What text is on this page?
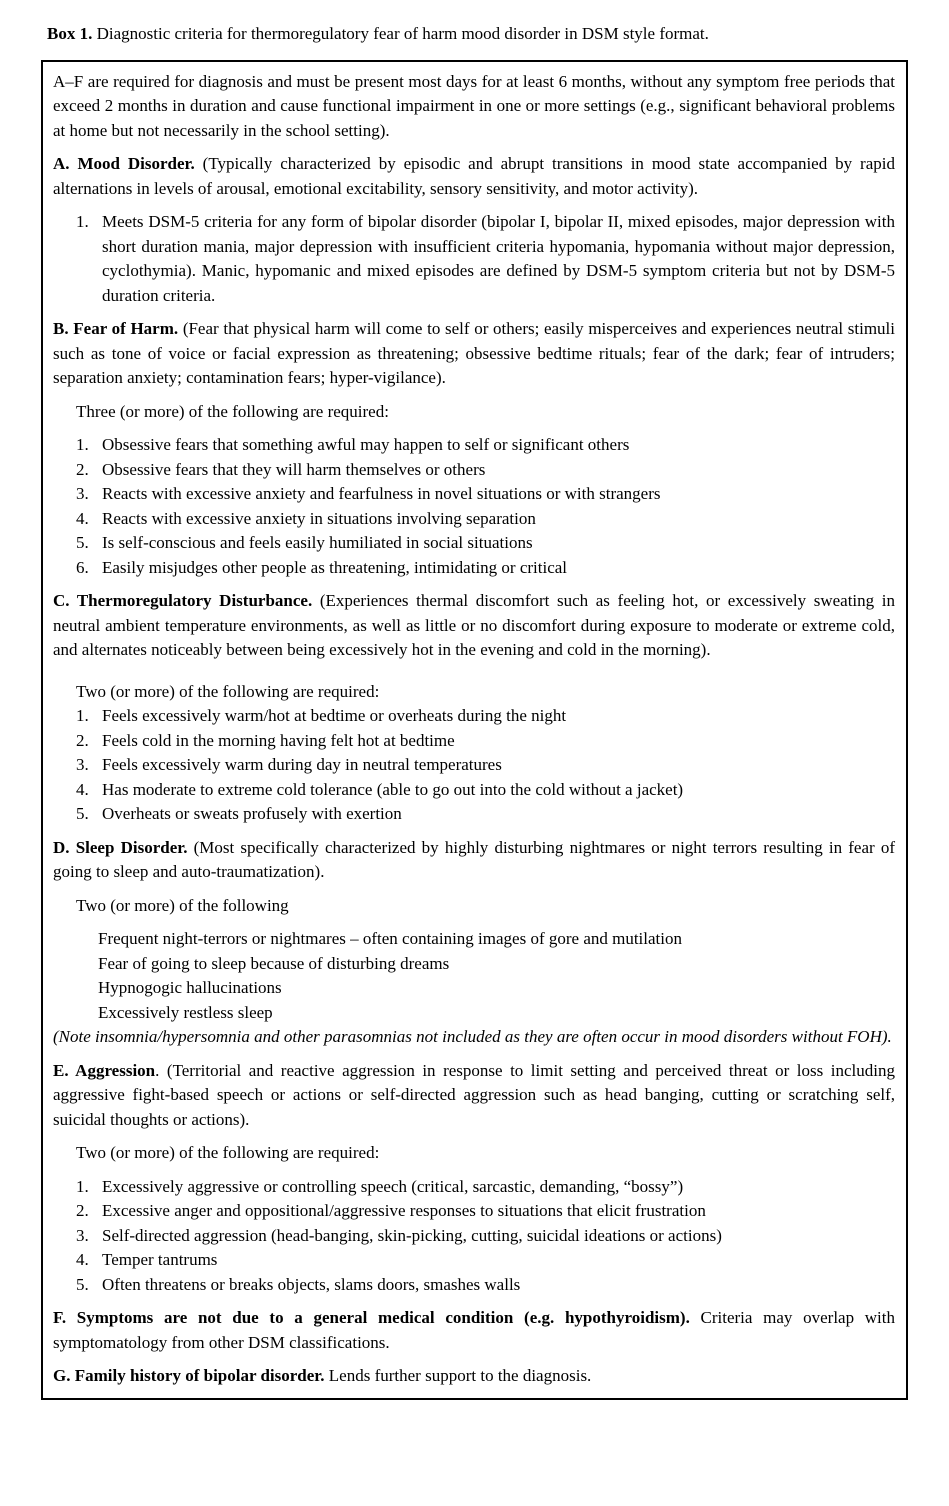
Box 1. Diagnostic criteria for thermoregulatory fear of harm mood disorder in DSM style format.

A–F are required for diagnosis and must be present most days for at least 6 months, without any symptom free periods that exceed 2 months in duration and cause functional impairment in one or more settings (e.g., significant behavioral problems at home but not necessarily in the school setting).

A. Mood Disorder. (Typically characterized by episodic and abrupt transitions in mood state accompanied by rapid alternations in levels of arousal, emotional excitability, sensory sensitivity, and motor activity).

1. Meets DSM-5 criteria for any form of bipolar disorder (bipolar I, bipolar II, mixed episodes, major depression with short duration mania, major depression with insufficient criteria hypomania, hypomania without major depression, cyclothymia). Manic, hypomanic and mixed episodes are defined by DSM-5 symptom criteria but not by DSM-5 duration criteria.

B. Fear of Harm. (Fear that physical harm will come to self or others; easily misperceives and experiences neutral stimuli such as tone of voice or facial expression as threatening; obsessive bedtime rituals; fear of the dark; fear of intruders; separation anxiety; contamination fears; hyper-vigilance).

Three (or more) of the following are required:

1. Obsessive fears that something awful may happen to self or significant others
2. Obsessive fears that they will harm themselves or others
3. Reacts with excessive anxiety and fearfulness in novel situations or with strangers
4. Reacts with excessive anxiety in situations involving separation
5. Is self-conscious and feels easily humiliated in social situations
6. Easily misjudges other people as threatening, intimidating or critical

C. Thermoregulatory Disturbance. (Experiences thermal discomfort such as feeling hot, or excessively sweating in neutral ambient temperature environments, as well as little or no discomfort during exposure to moderate or extreme cold, and alternates noticeably between being excessively hot in the evening and cold in the morning).

Two (or more) of the following are required:

1. Feels excessively warm/hot at bedtime or overheats during the night
2. Feels cold in the morning having felt hot at bedtime
3. Feels excessively warm during day in neutral temperatures
4. Has moderate to extreme cold tolerance (able to go out into the cold without a jacket)
5. Overheats or sweats profusely with exertion

D. Sleep Disorder. (Most specifically characterized by highly disturbing nightmares or night terrors resulting in fear of going to sleep and auto-traumatization).

Two (or more) of the following

Frequent night-terrors or nightmares – often containing images of gore and mutilation
Fear of going to sleep because of disturbing dreams
Hypnogogic hallucinations
Excessively restless sleep

(Note insomnia/hypersomnia and other parasomnias not included as they are often occur in mood disorders without FOH).

E. Aggression. (Territorial and reactive aggression in response to limit setting and perceived threat or loss including aggressive fight-based speech or actions or self-directed aggression such as head banging, cutting or scratching self, suicidal thoughts or actions).

Two (or more) of the following are required:

1. Excessively aggressive or controlling speech (critical, sarcastic, demanding, “bossy”)
2. Excessive anger and oppositional/aggressive responses to situations that elicit frustration
3. Self-directed aggression (head-banging, skin-picking, cutting, suicidal ideations or actions)
4. Temper tantrums
5. Often threatens or breaks objects, slams doors, smashes walls

F. Symptoms are not due to a general medical condition (e.g. hypothyroidism). Criteria may overlap with symptomatology from other DSM classifications.

G. Family history of bipolar disorder. Lends further support to the diagnosis.
